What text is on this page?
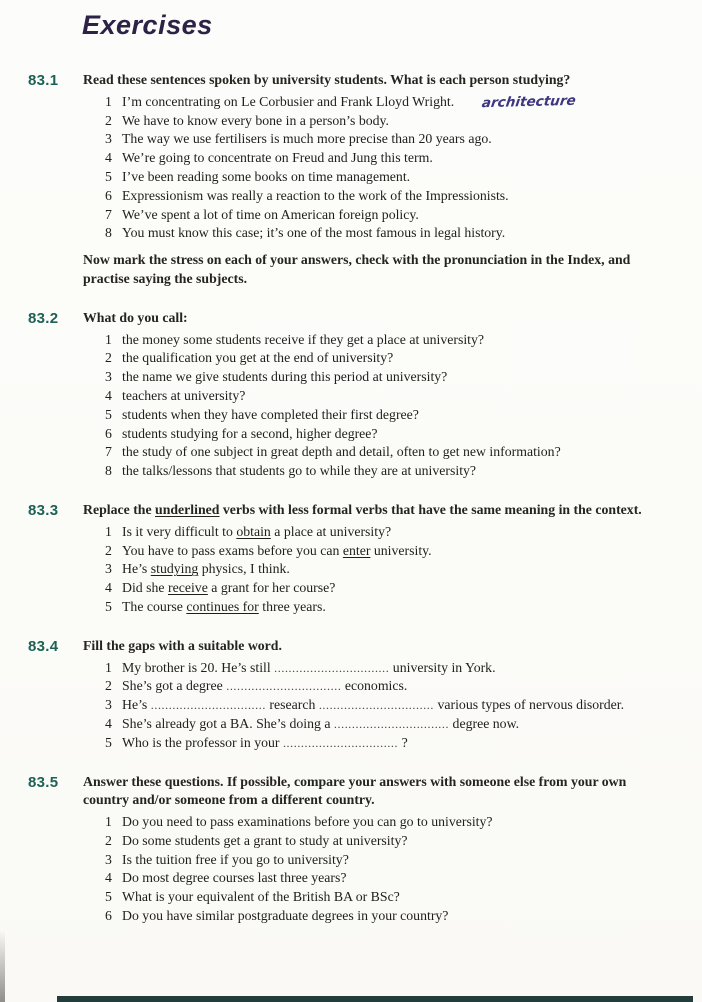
Exercises
83.1	Read these sentences spoken by university students. What is each person studying?

1 I’m concentrating on Le Corbusier and Frank Lloyd Wright. architecture
2 We have to know every bone in a person’s body.
3 The way we use fertilisers is much more precise than 20 years ago.
4 We’re going to concentrate on Freud and Jung this term.
5 I’ve been reading some books on time management.
6 Expressionism was really a reaction to the work of the Impressionists.
7 We’ve spent a lot of time on American foreign policy.
8 You must know this case; it’s one of the most famous in legal history.

Now mark the stress on each of your answers, check with the pronunciation in the Index, and practise saying the subjects.

83.2	What do you call:

1 the money some students receive if they get a place at university?
2 the qualification you get at the end of university?
3 the name we give students during this period at university?
4 teachers at university?
5 students when they have completed their first degree?
6 students studying for a second, higher degree?
7 the study of one subject in great depth and detail, often to get new information?
8 the talks/lessons that students go to while they are at university?
83.3	Replace the underlined verbs with less formal verbs that have the same meaning in the context.

1 Is it very difficult to obtain a place at university?
2 You have to pass exams before you can enter university.
3 He’s studying physics, I think.
4 Did she receive a grant for her course?
5 The course continues for three years.
83.4	Fill the gaps with a suitable word.

1 My brother is 20. He’s still ................................ university in York.
2 She’s got a degree ................................ economics.
3 He’s ................................ research ................................ various types of nervous disorder.
4 She’s already got a BA. She’s doing a ................................ degree now.
5 Who is the professor in your ................................ ?
83.5	Answer these questions. If possible, compare your answers with someone else from your own country and/or someone from a different country.

1 Do you need to pass examinations before you can go to university?
2 Do some students get a grant to study at university?
3 Is the tuition free if you go to university?
4 Do most degree courses last three years?
5 What is your equivalent of the British BA or BSc?
6 Do you have similar postgraduate degrees in your country?
